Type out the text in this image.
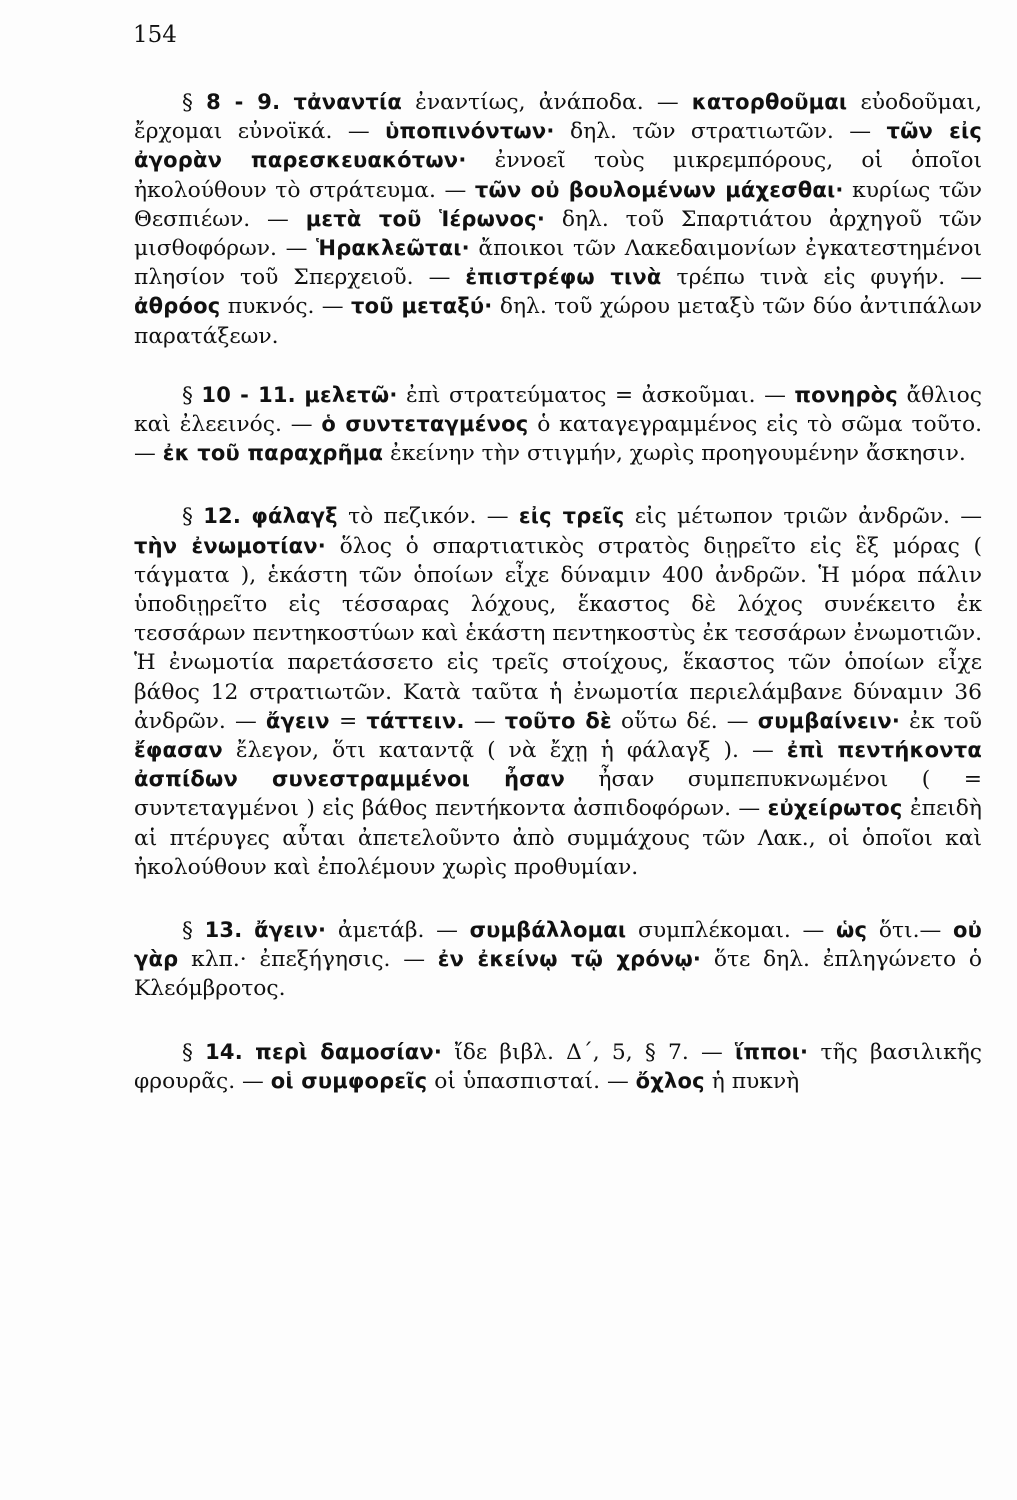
154

§ 8 - 9. τἀναντία ἐναντίως, ἀνάποδα. — κατορθοῦμαι εὐοδοῦμαι, ἔρχομαι εὐνοϊκά. — ὑποπινόντων· δηλ. τῶν στρατιωτῶν. — τῶν εἰς ἀγορὰν παρεσκευακότων· ἐννοεῖ τοὺς μικρεμπόρους, οἱ ὁποῖοι ἠκολούθουν τὸ στράτευμα. — τῶν οὐ βουλομένων μάχεσθαι· κυρίως τῶν Θεσπιέων. — μετὰ τοῦ Ἱέρωνος· δηλ. τοῦ Σπαρτιάτου ἀρχηγοῦ τῶν μισθοφόρων. — Ἡρακλεῶται· ἄποικοι τῶν Λακεδαιμονίων ἐγκατεστημένοι πλησίον τοῦ Σπερχειοῦ. — ἐπιστρέφω τινὰ τρέπω τινὰ εἰς φυγήν. — ἀθρόος πυκνός. — τοῦ μεταξύ· δηλ. τοῦ χώρου μεταξὺ τῶν δύο ἀντιπάλων παρατάξεων.

§ 10 - 11. μελετῶ· ἐπὶ στρατεύματος = ἀσκοῦμαι. — πονηρὸς ἄθλιος καὶ ἐλεεινός. — ὁ συντεταγμένος ὁ καταγεγραμμένος εἰς τὸ σῶμα τοῦτο. — ἐκ τοῦ παραχρῆμα ἐκείνην τὴν στιγμήν, χωρὶς προηγουμένην ἄσκησιν.

§ 12. φάλαγξ τὸ πεζικόν. — εἰς τρεῖς εἰς μέτωπον τριῶν ἀνδρῶν. — τὴν ἐνωμοτίαν· ὅλος ὁ σπαρτιατικὸς στρατὸς διῃρεῖτο εἰς ἓξ μόρας ( τάγματα ), ἑκάστη τῶν ὁποίων εἶχε δύναμιν 400 ἀνδρῶν. Ἡ μόρα πάλιν ὑποδιῃρεῖτο εἰς τέσσαρας λόχους, ἕκαστος δὲ λόχος συνέκειτο ἐκ τεσσάρων πεντηκοστύων καὶ ἑκάστη πεντηκοστὺς ἐκ τεσσάρων ἐνωμοτιῶν. Ἡ ἐνωμοτία παρετάσσετο εἰς τρεῖς στοίχους, ἕκαστος τῶν ὁποίων εἶχε βάθος 12 στρατιωτῶν. Κατὰ ταῦτα ἡ ἐνωμοτία περιελάμβανε δύναμιν 36 ἀνδρῶν. — ἄγειν = τάττειν. — τοῦτο δὲ οὕτω δέ. — συμβαίνειν· ἐκ τοῦ ἔφασαν ἔλεγον, ὅτι καταντᾷ ( νὰ ἔχῃ ἡ φάλαγξ ). — ἐπὶ πεντήκοντα ἀσπίδων συνεστραμμένοι ἦσαν ἦσαν συμπεπυκνωμένοι ( = συντεταγμένοι ) εἰς βάθος πεντήκοντα ἀσπιδοφόρων. — εὐχείρωτος ἐπειδὴ αἱ πτέρυγες αὗται ἀπετελοῦντο ἀπὸ συμμάχους τῶν Λακ., οἱ ὁποῖοι καὶ ἠκολούθουν καὶ ἐπολέμουν χωρὶς προθυμίαν.

§ 13. ἄγειν· ἀμετάβ. — συμβάλλομαι συμπλέκομαι. — ὡς ὅτι.— οὐ γὰρ κλπ.· ἐπεξήγησις. — ἐν ἐκείνῳ τῷ χρόνῳ· ὅτε δηλ. ἐπληγώνετο ὁ Κλεόμβροτος.

§ 14. περὶ δαμοσίαν· ἴδε βιβλ. Δ΄, 5, § 7. — ἵπποι· τῆς βασιλικῆς φρουρᾶς. — οἱ συμφορεῖς οἱ ὑπασπισταί. — ὄχλος ἡ πυκνὴ
